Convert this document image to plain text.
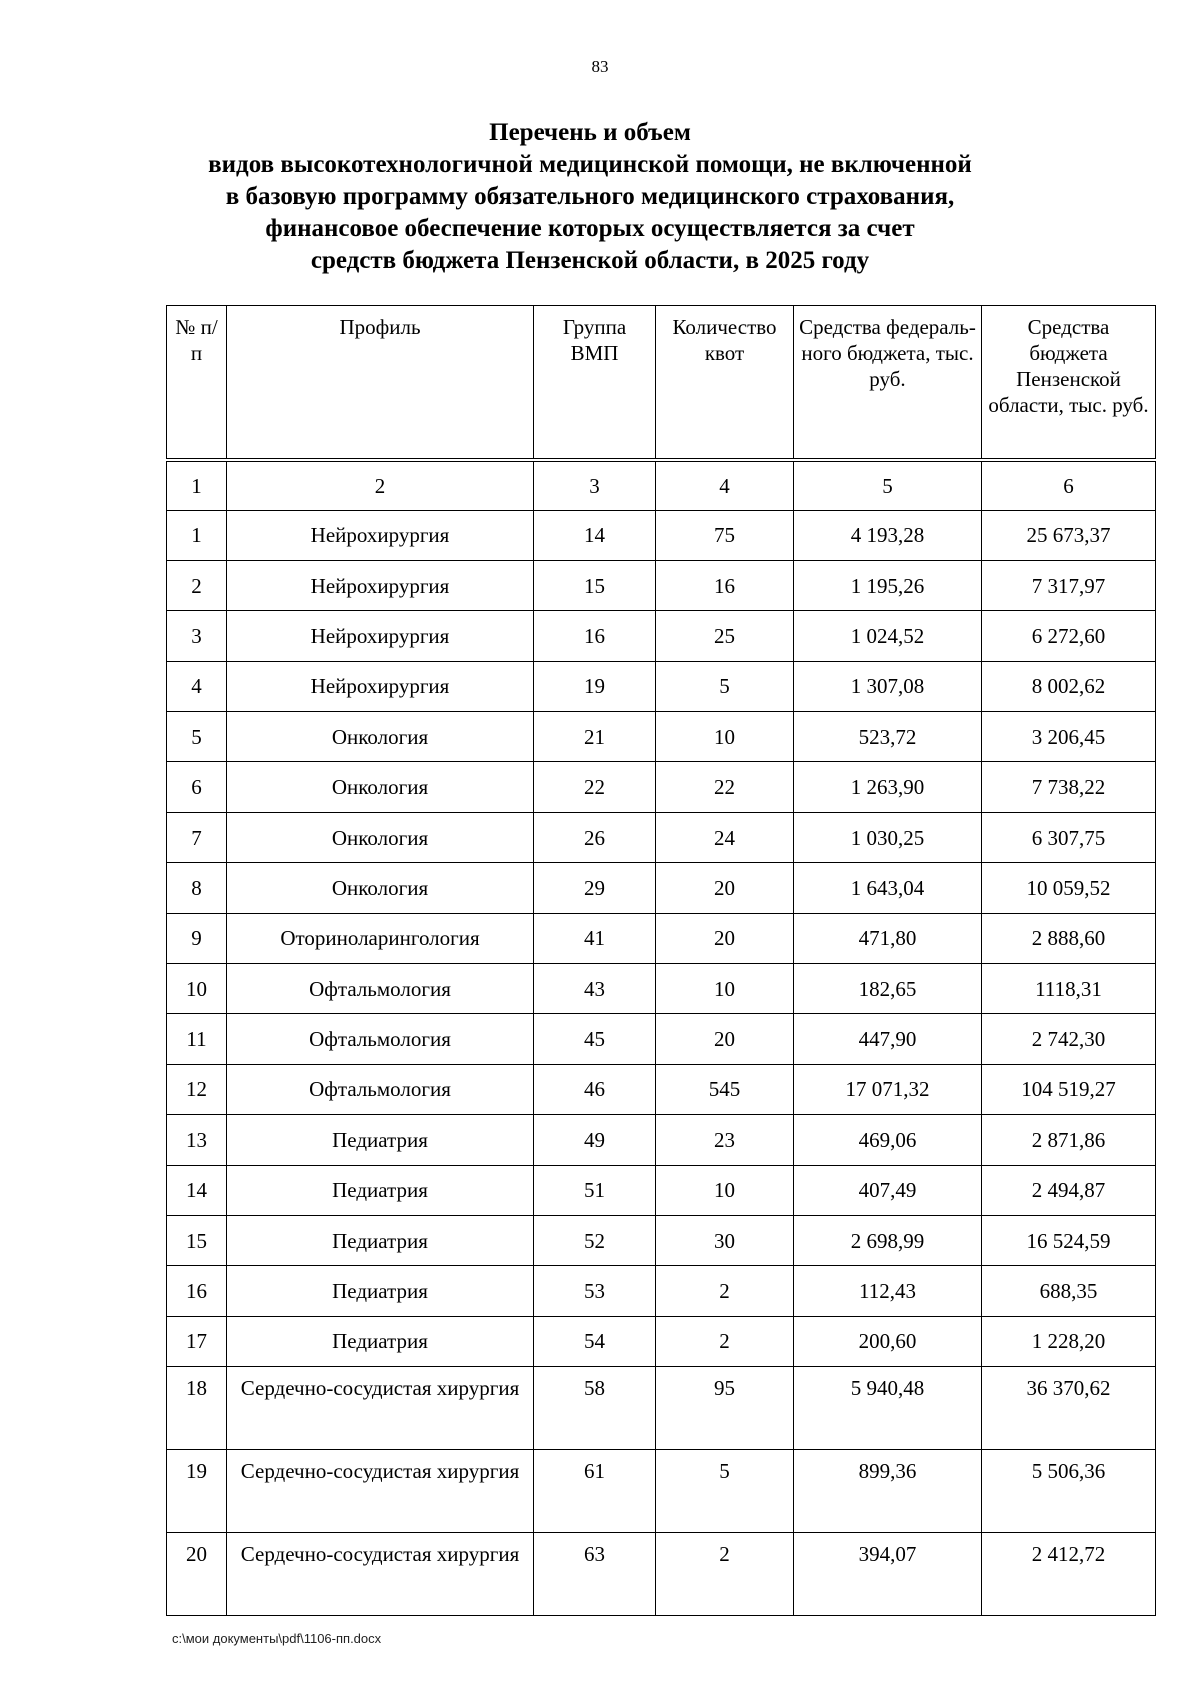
83
Перечень и объем
видов высокотехнологичной медицинской помощи, не включенной
в базовую программу обязательного медицинского страхования,
финансовое обеспечение которых осуществляется за счет
средств бюджета Пензенской области, в 2025 году
№ п/п	Профиль	Группа ВМП	Количество квот	Средства федераль-ного бюджета, тыс. руб.	Средства бюджета Пензенской области, тыс. руб.
1	2	3	4	5	6
1	Нейрохирургия	14	75	4 193,28	25 673,37
2	Нейрохирургия	15	16	1 195,26	7 317,97
3	Нейрохирургия	16	25	1 024,52	6 272,60
4	Нейрохирургия	19	5	1 307,08	8 002,62
5	Онкология	21	10	523,72	3 206,45
6	Онкология	22	22	1 263,90	7 738,22
7	Онкология	26	24	1 030,25	6 307,75
8	Онкология	29	20	1 643,04	10 059,52
9	Оториноларингология	41	20	471,80	2 888,60
10	Офтальмология	43	10	182,65	1118,31
11	Офтальмология	45	20	447,90	2 742,30
12	Офтальмология	46	545	17 071,32	104 519,27
13	Педиатрия	49	23	469,06	2 871,86
14	Педиатрия	51	10	407,49	2 494,87
15	Педиатрия	52	30	2 698,99	16 524,59
16	Педиатрия	53	2	112,43	688,35
17	Педиатрия	54	2	200,60	1 228,20
18	Сердечно-сосудистая хирургия	58	95	5 940,48	36 370,62
19	Сердечно-сосудистая хирургия	61	5	899,36	5 506,36
20	Сердечно-сосудистая хирургия	63	2	394,07	2 412,72
c:\мои документы\pdf\1106-пп.docx
